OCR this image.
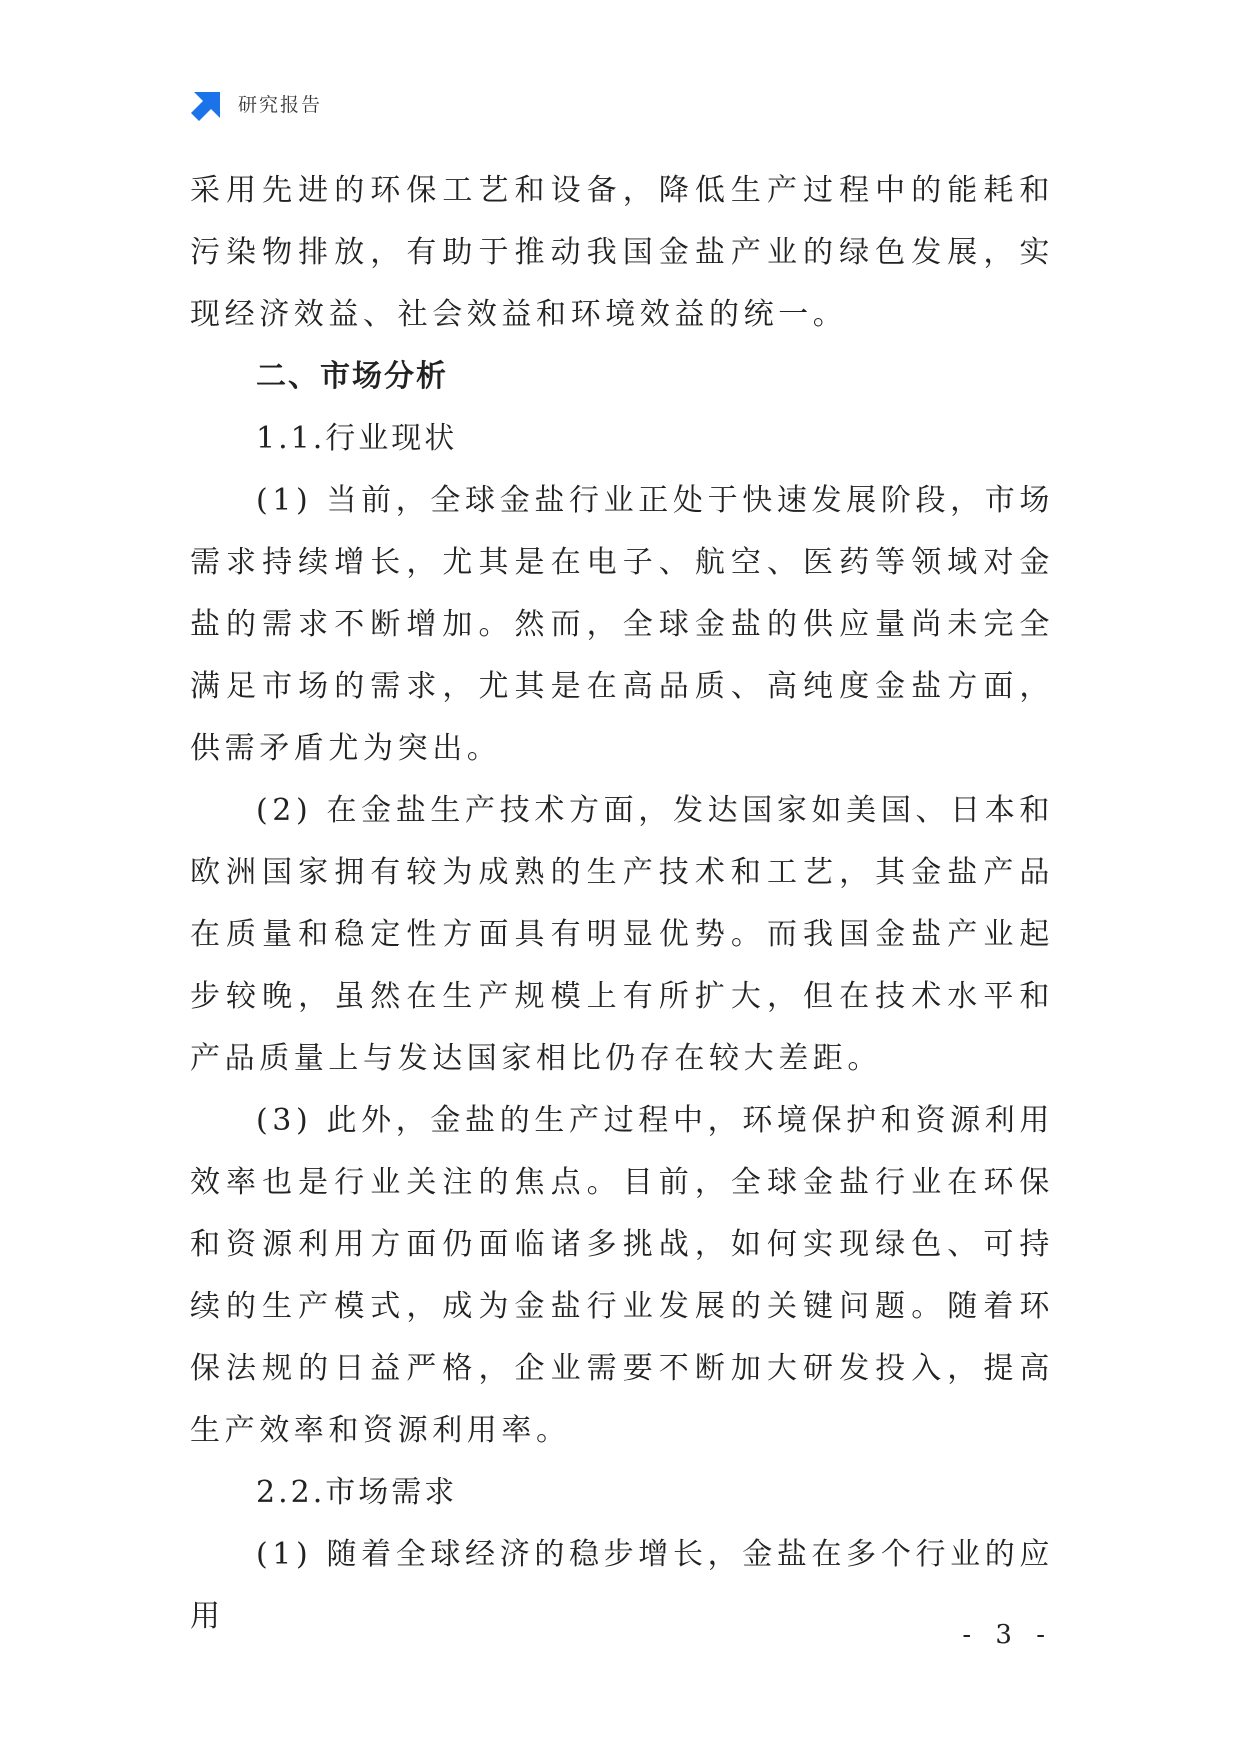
研究报告

采用先进的环保工艺和设备，降低生产过程中的能耗和污染物排放，有助于推动我国金盐产业的绿色发展，实现经济效益、社会效益和环境效益的统一。

二、市场分析
1.1.行业现状

(1) 当前，全球金盐行业正处于快速发展阶段，市场需求持续增长，尤其是在电子、航空、医药等领域对金盐的需求不断增加。然而，全球金盐的供应量尚未完全满足市场的需求，尤其是在高品质、高纯度金盐方面，供需矛盾尤为突出。

(2) 在金盐生产技术方面，发达国家如美国、日本和欧洲国家拥有较为成熟的生产技术和工艺，其金盐产品在质量和稳定性方面具有明显优势。而我国金盐产业起步较晚，虽然在生产规模上有所扩大，但在技术水平和产品质量上与发达国家相比仍存在较大差距。

(3) 此外，金盐的生产过程中，环境保护和资源利用效率也是行业关注的焦点。目前，全球金盐行业在环保和资源利用方面仍面临诸多挑战，如何实现绿色、可持续的生产模式，成为金盐行业发展的关键问题。随着环保法规的日益严格，企业需要不断加大研发投入，提高生产效率和资源利用率。

2.2.市场需求

(1) 随着全球经济的稳步增长，金盐在多个行业的应用

- 3 -
